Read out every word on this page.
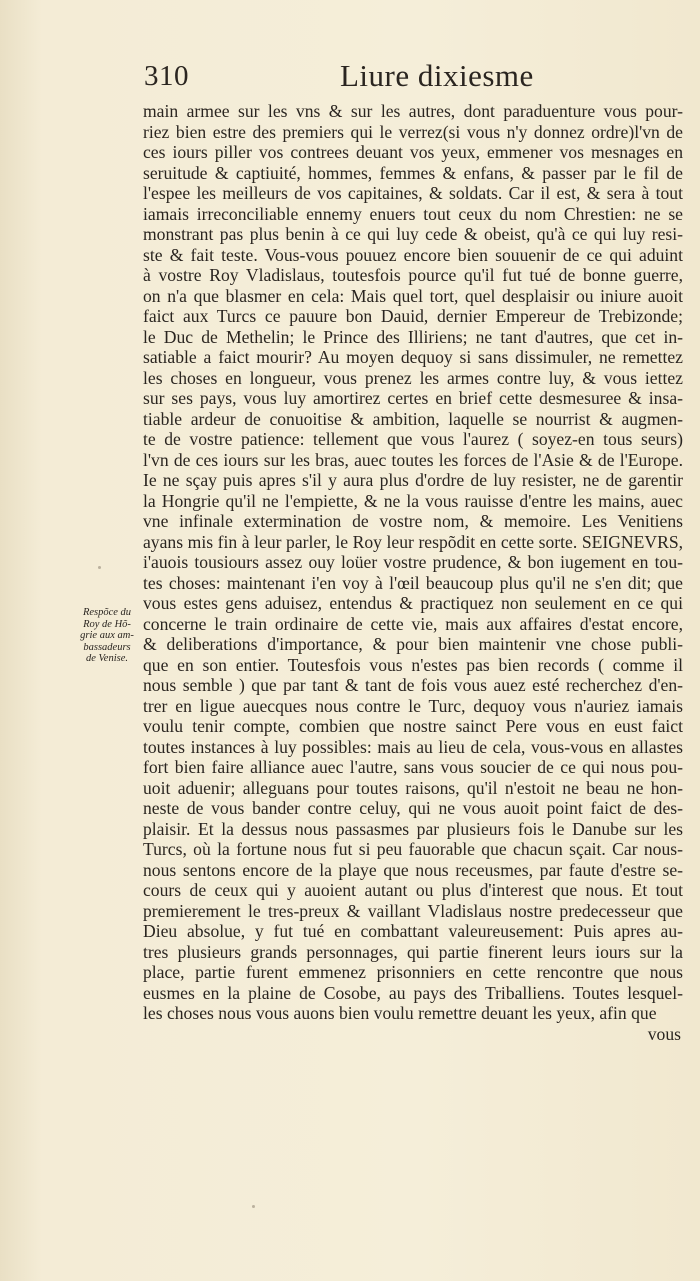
310	Liure dixiesme
Respõce du
Roy de Hõ-
grie aux am-
bassadeurs
de Venise.
main armee sur les vns & sur les autres, dont paraduenture vous pour-
riez bien estre des premiers qui le verrez(si vous n'y donnez ordre)l'vn de
ces iours piller vos contrees deuant vos yeux, emmener vos mesnages en
seruitude & captiuité, hommes, femmes & enfans, & passer par le fil de
l'espee les meilleurs de vos capitaines, & soldats. Car il est, & sera à tout
iamais irreconciliable ennemy enuers tout ceux du nom Chrestien: ne se
monstrant pas plus benin à ce qui luy cede & obeist, qu'à ce qui luy resi-
ste & fait teste. Vous-vous pouuez encore bien souuenir de ce qui aduint
à vostre Roy Vladislaus, toutesfois pource qu'il fut tué de bonne guerre,
on n'a que blasmer en cela: Mais quel tort, quel desplaisir ou iniure auoit
faict aux Turcs ce pauure bon Dauid, dernier Empereur de Trebizonde;
le Duc de Methelin; le Prince des Illiriens; ne tant d'autres, que cet in-
satiable a faict mourir? Au moyen dequoy si sans dissimuler, ne remettez
les choses en longueur, vous prenez les armes contre luy, & vous iettez
sur ses pays, vous luy amortirez certes en brief cette desmesuree & insa-
tiable ardeur de conuoitise & ambition, laquelle se nourrist & augmen-
te de vostre patience: tellement que vous l'aurez ( soyez-en tous seurs)
l'vn de ces iours sur les bras, auec toutes les forces de l'Asie & de l'Europe.
Ie ne sçay puis apres s'il y aura plus d'ordre de luy resister, ne de garentir
la Hongrie qu'il ne l'empiette, & ne la vous rauisse d'entre les mains, auec
vne infinale extermination de vostre nom, & memoire. Les Venitiens
ayans mis fin à leur parler, le Roy leur respõdit en cette sorte. SEIGNEVRS,
i'auois tousiours assez ouy loüer vostre prudence, & bon iugement en tou-
tes choses: maintenant i'en voy à l'œil beaucoup plus qu'il ne s'en dit; que
vous estes gens aduisez, entendus & practiquez non seulement en ce qui
concerne le train ordinaire de cette vie, mais aux affaires d'estat encore,
& deliberations d'importance, & pour bien maintenir vne chose publi-
que en son entier. Toutesfois vous n'estes pas bien records ( comme il
nous semble ) que par tant & tant de fois vous auez esté recherchez d'en-
trer en ligue auecques nous contre le Turc, dequoy vous n'auriez iamais
voulu tenir compte, combien que nostre sainct Pere vous en eust faict
toutes instances à luy possibles: mais au lieu de cela, vous-vous en allastes
fort bien faire alliance auec l'autre, sans vous soucier de ce qui nous pou-
uoit aduenir; alleguans pour toutes raisons, qu'il n'estoit ne beau ne hon-
neste de vous bander contre celuy, qui ne vous auoit point faict de des-
plaisir. Et la dessus nous passasmes par plusieurs fois le Danube sur les
Turcs, où la fortune nous fut si peu fauorable que chacun sçait. Car nous-
nous sentons encore de la playe que nous receusmes, par faute d'estre se-
cours de ceux qui y auoient autant ou plus d'interest que nous. Et tout
premierement le tres-preux & vaillant Vladislaus nostre predecesseur que
Dieu absolue, y fut tué en combattant valeureusement: Puis apres au-
tres plusieurs grands personnages, qui partie finerent leurs iours sur la
place, partie furent emmenez prisonniers en cette rencontre que nous
eusmes en la plaine de Cosobe, au pays des Triballiens. Toutes lesquel-
les choses nous vous auons bien voulu remettre deuant les yeux, afin que
vous
